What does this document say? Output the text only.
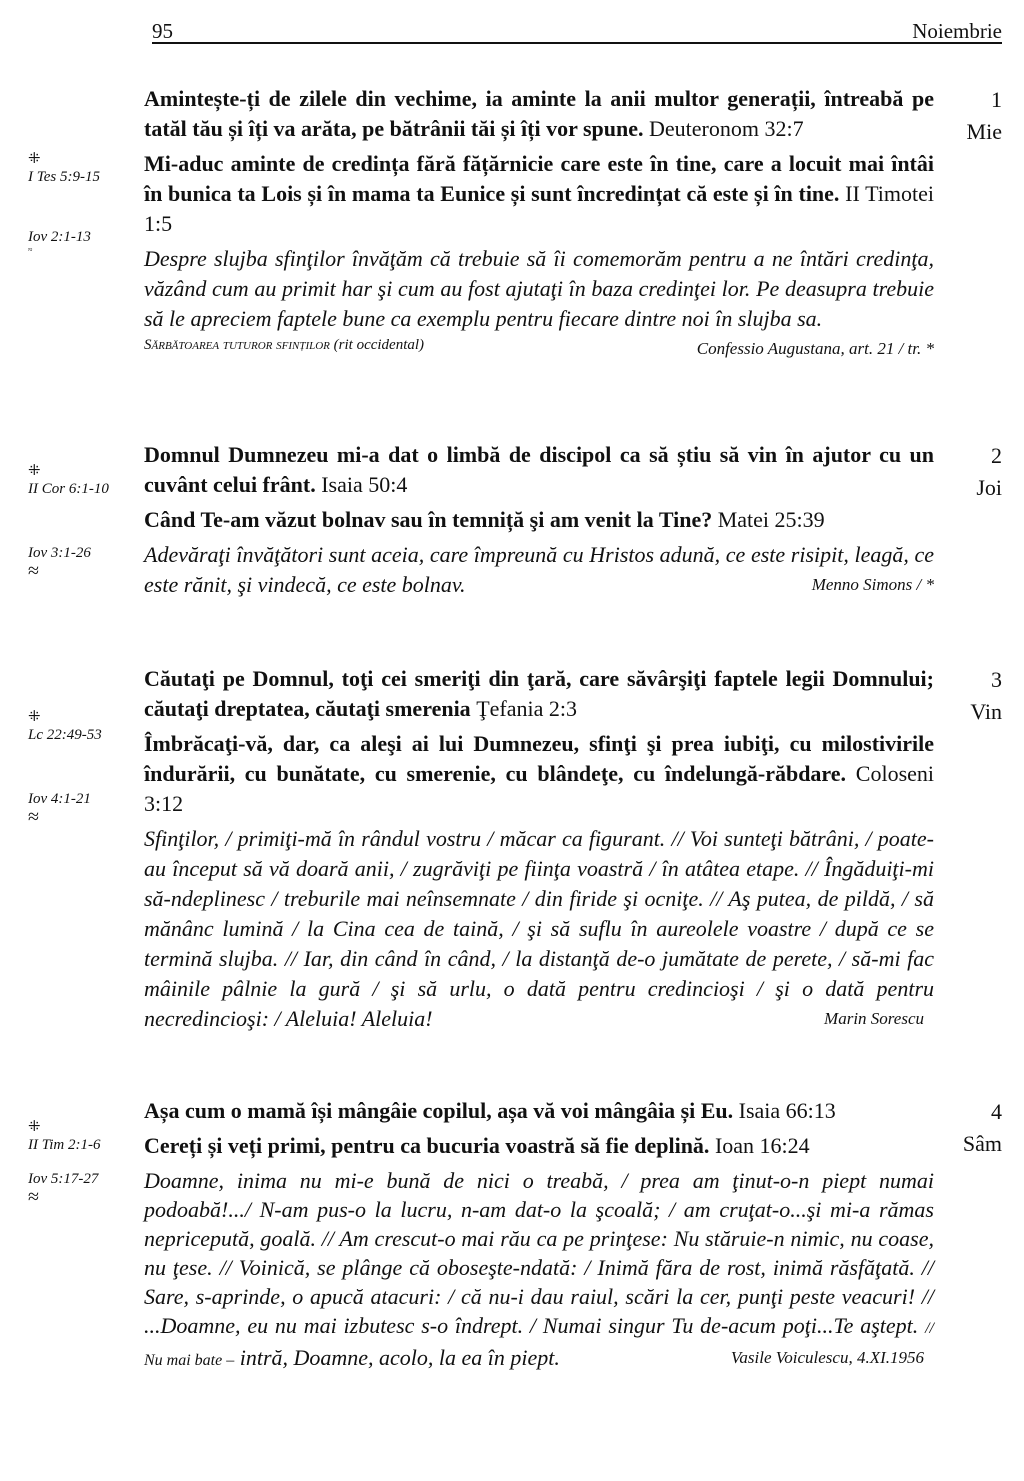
95	Noiembrie
⁜
I Tes 5:9-15
Iov 2:1-13
≈

Amintește-ți de zilele din vechime, ia aminte la anii multor generații, întreabă pe tatăl tău și îți va arăta, pe bătrânii tăi și îți vor spune. Deuteronom 32:7

Mi-aduc aminte de credința fără fățărnicie care este în tine, care a locuit mai întâi în bunica ta Lois și în mama ta Eunice și sunt încredințat că este și în tine. II Timotei 1:5

Despre slujba sfinţilor învăţăm că trebuie să îi comemorăm pentru a ne întări credinţa, văzând cum au primit har şi cum au fost ajutaţi în baza credinţei lor. Pe deasupra trebuie să le apreciem faptele bune ca exemplu pentru fiecare dintre noi în slujba sa.
Confessio Augustana, art. 21 / tr. *

Sărbătoarea tuturor sfinților (rit occidental)
1
Mie
⁜
II Cor 6:1-10
Iov 3:1-26
≈

Domnul Dumnezeu mi-a dat o limbă de discipol ca să știu să vin în ajutor cu un cuvânt celui frânt. Isaia 50:4

Când Te-am văzut bolnav sau în temniță şi am venit la Tine? Matei 25:39

Adevăraţi învăţători sunt aceia, care împreună cu Hristos adună, ce este risipit, leagă, ce este rănit, şi vindecă, ce este bolnav.	Menno Simons / *

2
Joi
⁜
Lc 22:49-53
Iov 4:1-21
≈

Căutaţi pe Domnul, toţi cei smeriţi din ţară, care săvârşiţi faptele legii Domnului; căutaţi dreptatea, căutaţi smerenia Ţefania 2:3

Îmbrăcaţi-vă, dar, ca aleşi ai lui Dumnezeu, sfinţi şi prea iubiţi, cu milostivirile îndurării, cu bunătate, cu smerenie, cu blândeţe, cu îndelungă-răbdare. Coloseni 3:12

Sfinţilor, / primiţi-mă în rândul vostru / măcar ca figurant. // Voi sunteţi bătrâni, / poate-au început să vă doară anii, / zugrăviţi pe fiinţa voastră / în atâtea etape. // Îngăduiţi-mi să-ndeplinesc / treburile mai neînsemnate / din firide şi ocniţe. // Aş putea, de pildă, / să mănânc lumină / la Cina cea de taină, / şi să suflu în aureolele voastre / după ce se termină slujba. // Iar, din când în când, / la distanţă de-o jumătate de perete, / să-mi fac mâinile pâlnie la gură / şi să urlu, o dată pentru credincioşi / şi o dată pentru necredincioşi: / Aleluia! Aleluia!	Marin Sorescu

3
Vin
⁜
II Tim 2:1-6
Iov 5:17-27
≈

Așa cum o mamă își mângâie copilul, așa vă voi mângâia și Eu. Isaia 66:13

Cereți și veți primi, pentru ca bucuria voastră să fie deplină. Ioan 16:24

Doamne, inima nu mi-e bună de nici o treabă, / prea am ţinut-o-n piept numai podoabă!.../ N-am pus-o la lucru, n-am dat-o la şcoală; / am cruţat-o...şi mi-a rămas nepricepută, goală. // Am crescut-o mai rău ca pe prinţese: Nu stăruie-n nimic, nu coase, nu ţese. // Voinică, se plânge că oboseşte-ndată: / Inimă făra de rost, inimă răsfăţată. // Sare, s-aprinde, o apucă atacuri: / că nu-i dau raiul, scări la cer, punţi peste veacuri! // ...Doamne, eu nu mai izbutesc s-o îndrept. / Numai singur Tu de-acum poţi...Te aştept. // Nu mai bate – intră, Doamne, acolo, la ea în piept.	Vasile Voiculescu, 4.XI.1956

4
Sâm
